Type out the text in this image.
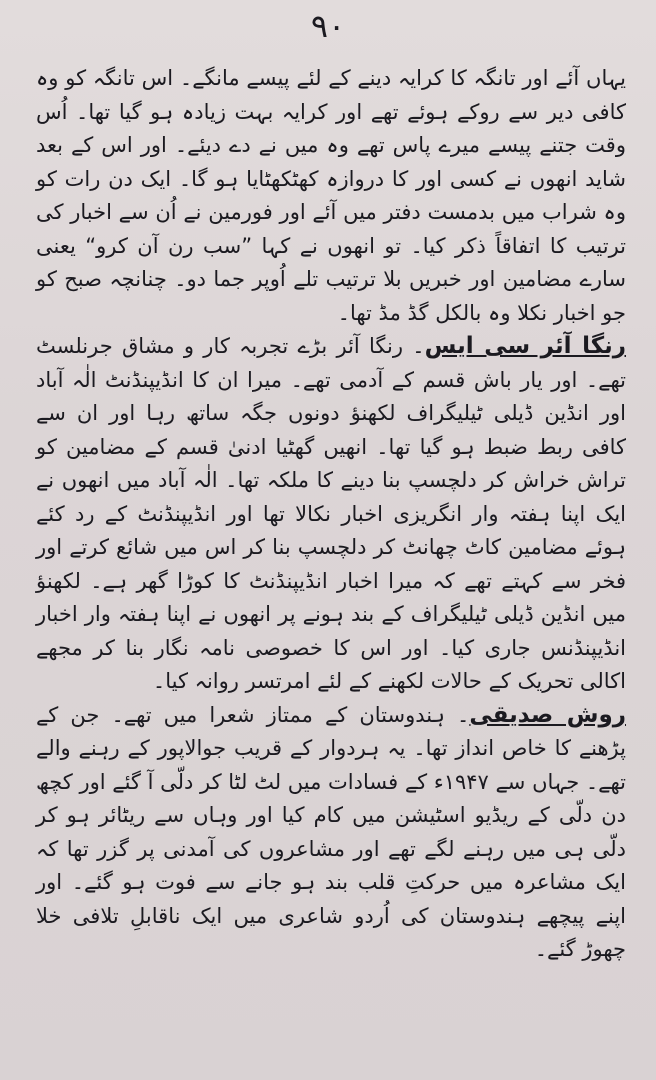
۹۰

یہاں آئے اور تانگہ کا کرایہ دینے کے لئے پیسے مانگے۔ اس تانگہ کو وہ کافی دیر سے روکے ہوئے تھے اور کرایہ بہت زیادہ ہو گیا تھا۔ اُس وقت جتنے پیسے میرے پاس تھے وہ میں نے دے دیئے۔ اور اس کے بعد شاید انھوں نے کسی اور کا دروازہ کھٹکھٹایا ہو گا۔ ایک دن رات کو وہ شراب میں بدمست دفتر میں آئے اور فورمین نے اُن سے اخبار کی ترتیب کا اتفاقاً ذکر کیا۔ تو انھوں نے کہا ”سب رن آن کرو“ یعنی سارے مضامین اور خبریں بلا ترتیب تلے اُوپر جما دو۔ چنانچہ صبح کو جو اخبار نکلا وہ بالکل گڈ مڈ تھا۔

رنگا آئر سی ایس۔ رنگا آئر بڑے تجربہ کار و مشاق جرنلسٹ تھے۔ اور یار باش قسم کے آدمی تھے۔ میرا ان کا انڈیپنڈنٹ الٰہ آباد اور انڈین ڈیلی ٹیلیگراف لکھنؤ دونوں جگہ ساتھ رہا اور ان سے کافی ربط ضبط ہو گیا تھا۔ انھیں گھٹیا ادنیٰ قسم کے مضامین کو تراش خراش کر دلچسپ بنا دینے کا ملکہ تھا۔ الٰہ آباد میں انھوں نے ایک اپنا ہفتہ وار انگریزی اخبار نکالا تھا اور انڈیپنڈنٹ کے رد کئے ہوئے مضامین کاٹ چھانٹ کر دلچسپ بنا کر اس میں شائع کرتے اور فخر سے کہتے تھے کہ میرا اخبار انڈیپنڈنٹ کا کوڑا گھر ہے۔ لکھنؤ میں انڈین ڈیلی ٹیلیگراف کے بند ہونے پر انھوں نے اپنا ہفتہ وار اخبار انڈیپنڈنس جاری کیا۔ اور اس کا خصوصی نامہ نگار بنا کر مجھے اکالی تحریک کے حالات لکھنے کے لئے امرتسر روانہ کیا۔

روش صدیقی۔ ہندوستان کے ممتاز شعرا میں تھے۔ جن کے پڑھنے کا خاص انداز تھا۔ یہ ہردوار کے قریب جوالاپور کے رہنے والے تھے۔ جہاں سے ۱۹۴۷ء کے فسادات میں لٹ لٹا کر دلّی آ گئے اور کچھ دن دلّی کے ریڈیو اسٹیشن میں کام کیا اور وہاں سے ریٹائر ہو کر دلّی ہی میں رہنے لگے تھے اور مشاعروں کی آمدنی پر گزر تھا کہ ایک مشاعرہ میں حرکتِ قلب بند ہو جانے سے فوت ہو گئے۔ اور اپنے پیچھے ہندوستان کی اُردو شاعری میں ایک ناقابلِ تلافی خلا چھوڑ گئے۔
